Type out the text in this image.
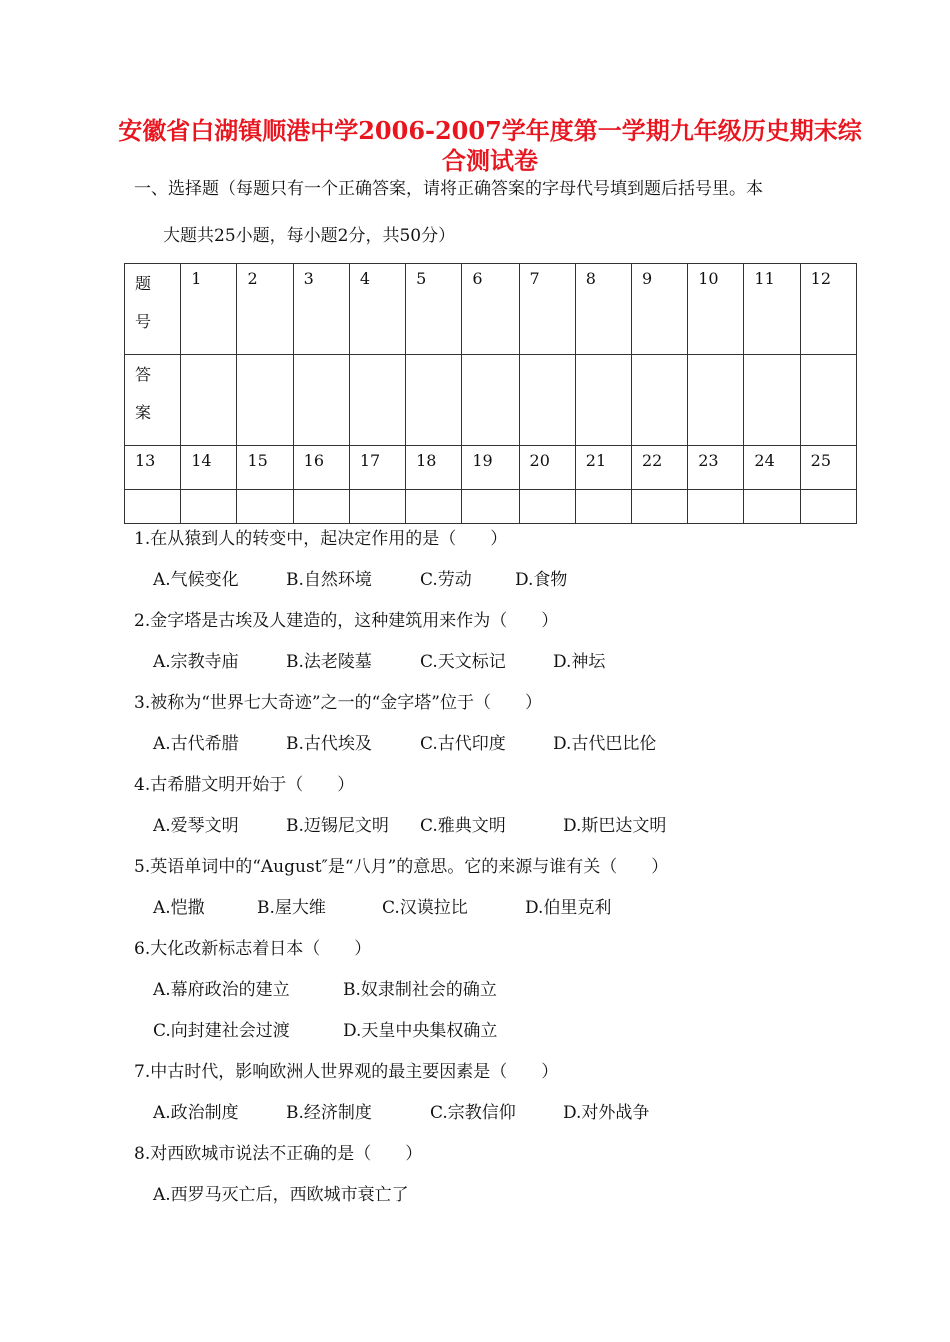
安徽省白湖镇顺港中学2006-2007学年度第一学期九年级历史期末综合测试卷
一、选择题（每题只有一个正确答案，请将正确答案的字母代号填到题后括号里。本
大题共25小题，每小题2分，共50分）
题
号	1	2	3	4	5	6	7	8	9	10	11	12

答
案												

13	14	15	16	17	18	19	20	21	22	23	24	25

1.在从猿到人的转变中，起决定作用的是（　　）
A.气候变化	B.自然环境	C.劳动	D.食物
2.金字塔是古埃及人建造的，这种建筑用来作为（　　）
A.宗教寺庙	B.法老陵墓	C.天文标记	D.神坛
3.被称为“世界七大奇迹”之一的“金字塔”位于（　　）
A.古代希腊	B.古代埃及	C.古代印度	D.古代巴比伦
4.古希腊文明开始于（　　）
A.爱琴文明	B.迈锡尼文明 C.雅典文明	D.斯巴达文明
5.英语单词中的“August″是“八月”的意思。它的来源与谁有关（　　）
A.恺撒	B.屋大维	C.汉谟拉比	D.伯里克利
6.大化改新标志着日本（　　）
A.幕府政治的建立	B.奴隶制社会的确立
C.向封建社会过渡	D.天皇中央集权确立
7.中古时代，影响欧洲人世界观的最主要因素是（　　）
A.政治制度	B.经济制度	C.宗教信仰	D.对外战争
8.对西欧城市说法不正确的是（　　）
A.西罗马灭亡后，西欧城市衰亡了
